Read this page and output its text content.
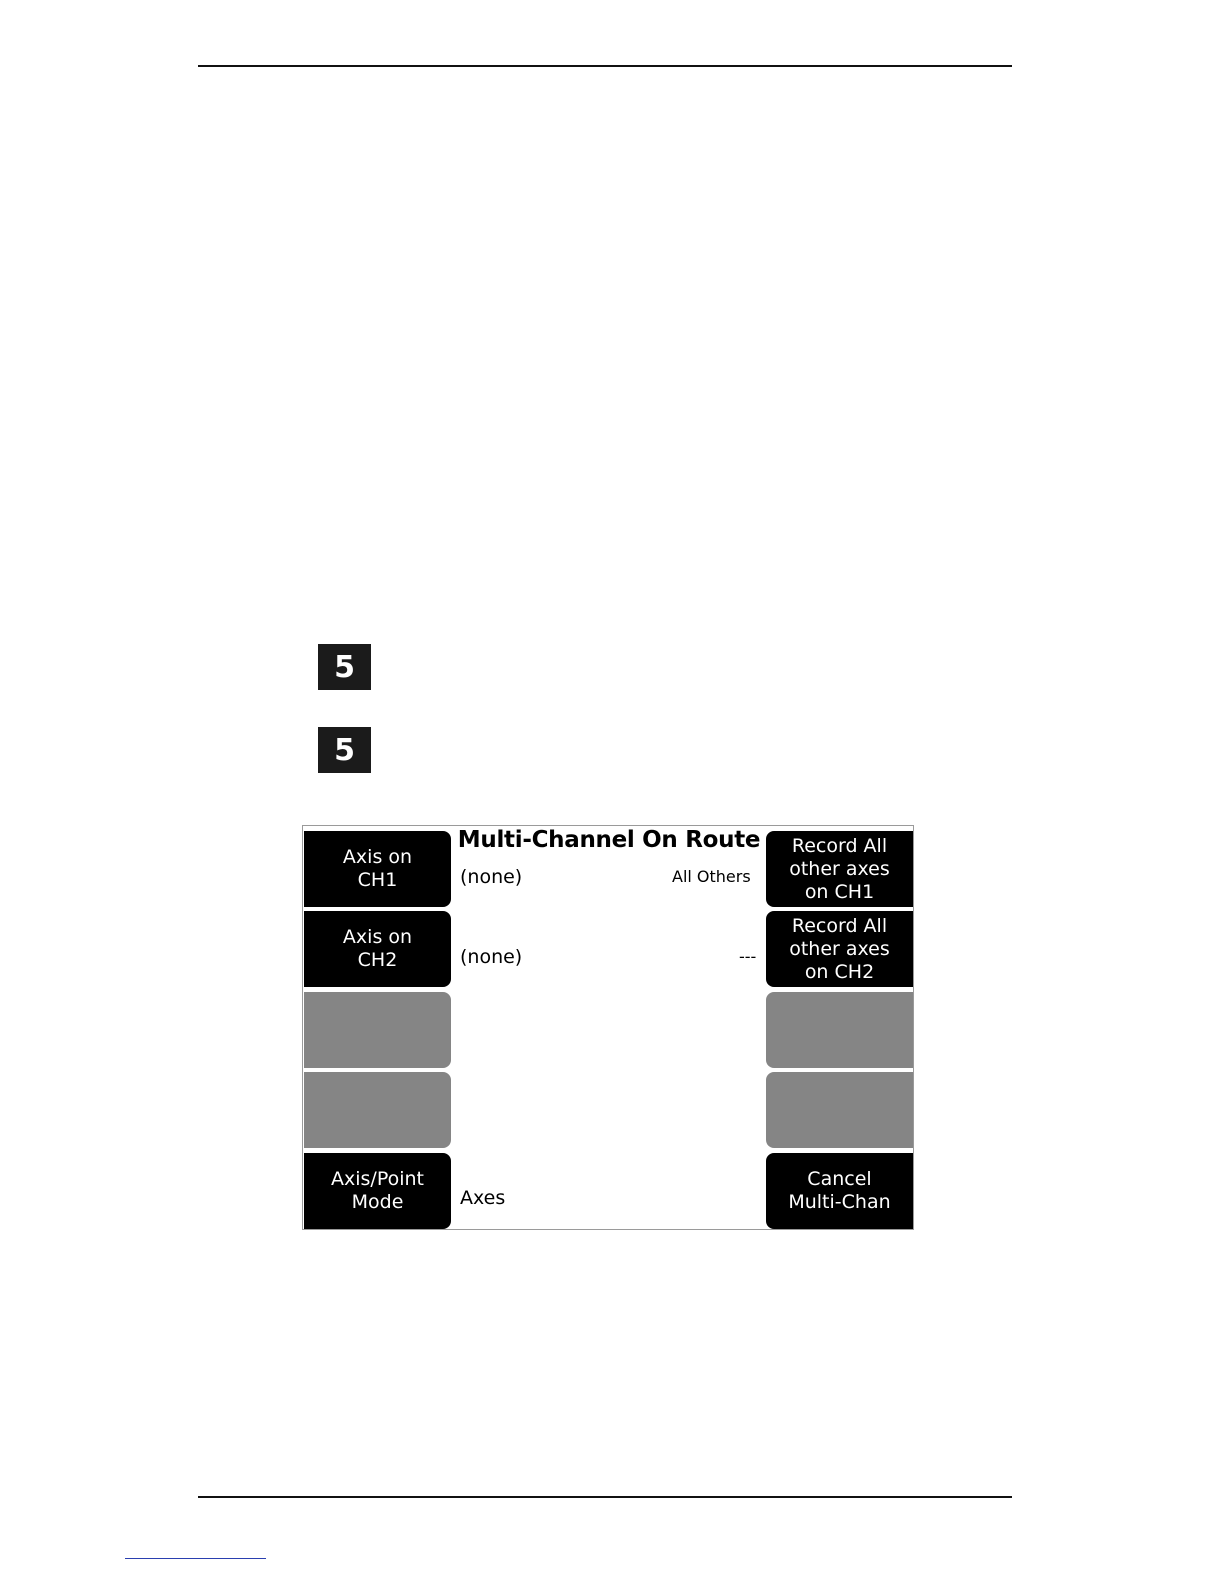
5
5
Axis on
CH1
Axis on
CH2
Axis/Point
Mode
Record All
other axes
on CH1
Record All
other axes
on CH2
Cancel
Multi-Chan
Multi-Channel On Route
(none)	All Others
(none)	---
Axes
